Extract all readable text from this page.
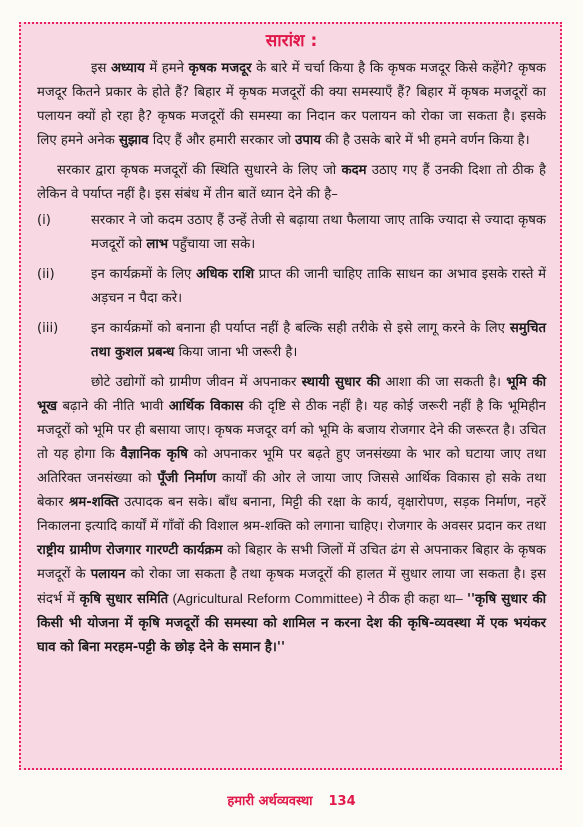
सारांश :

इस अध्याय में हमने कृषक मजदूर के बारे में चर्चा किया है कि कृषक मजदूर किसे कहेंगे? कृषक मजदूर कितने प्रकार के होते हैं? बिहार में कृषक मजदूरों की क्या समस्याएँ हैं? बिहार में कृषक मजदूरों का पलायन क्यों हो रहा है? कृषक मजदूरों की समस्या का निदान कर पलायन को रोका जा सकता है। इसके लिए हमने अनेक सुझाव दिए हैं और हमारी सरकार जो उपाय की है उसके बारे में भी हमने वर्णन किया है।

सरकार द्वारा कृषक मजदूरों की स्थिति सुधारने के लिए जो कदम उठाए गए हैं उनकी दिशा तो ठीक है लेकिन वे पर्याप्त नहीं है। इस संबंध में तीन बातें ध्यान देने की है–

(i)	सरकार ने जो कदम उठाए हैं उन्हें तेजी से बढ़ाया तथा फैलाया जाए ताकि ज्यादा से ज्यादा कृषक मजदूरों को लाभ पहुँचाया जा सके।
(ii)	इन कार्यक्रमों के लिए अधिक राशि प्राप्त की जानी चाहिए ताकि साधन का अभाव इसके रास्ते में अड़चन न पैदा करे।
(iii)	इन कार्यक्रमों को बनाना ही पर्याप्त नहीं है बल्कि सही तरीके से इसे लागू करने के लिए समुचित तथा कुशल प्रबन्ध किया जाना भी जरूरी है।

छोटे उद्योगों को ग्रामीण जीवन में अपनाकर स्थायी सुधार की आशा की जा सकती है। भूमि की भूख बढ़ाने की नीति भावी आर्थिक विकास की दृष्टि से ठीक नहीं है। यह कोई जरूरी नहीं है कि भूमिहीन मजदूरों को भूमि पर ही बसाया जाए। कृषक मजदूर वर्ग को भूमि के बजाय रोजगार देने की जरूरत है। उचित तो यह होगा कि वैज्ञानिक कृषि को अपनाकर भूमि पर बढ़ते हुए जनसंख्या के भार को घटाया जाए तथा अतिरिक्त जनसंख्या को पूँजी निर्माण कार्यों की ओर ले जाया जाए जिससे आर्थिक विकास हो सके तथा बेकार श्रम-शक्ति उत्पादक बन सके। बाँध बनाना, मिट्टी की रक्षा के कार्य, वृक्षारोपण, सड़क निर्माण, नहरें निकालना इत्यादि कार्यों में गाँवों की विशाल श्रम-शक्ति को लगाना चाहिए। रोजगार के अवसर प्रदान कर तथा राष्ट्रीय ग्रामीण रोजगार गारण्टी कार्यक्रम को बिहार के सभी जिलों में उचित ढंग से अपनाकर बिहार के कृषक मजदूरों के पलायन को रोका जा सकता है तथा कृषक मजदूरों की हालत में सुधार लाया जा सकता है। इस संदर्भ में कृषि सुधार समिति (Agricultural Reform Committee) ने ठीक ही कहा था– ''कृषि सुधार की किसी भी योजना में कृषि मजदूरों की समस्या को शामिल न करना देश की कृषि-व्यवस्था में एक भयंकर घाव को बिना मरहम-पट्टी के छोड़ देने के समान है।''

हमारी अर्थव्यवस्था 134
